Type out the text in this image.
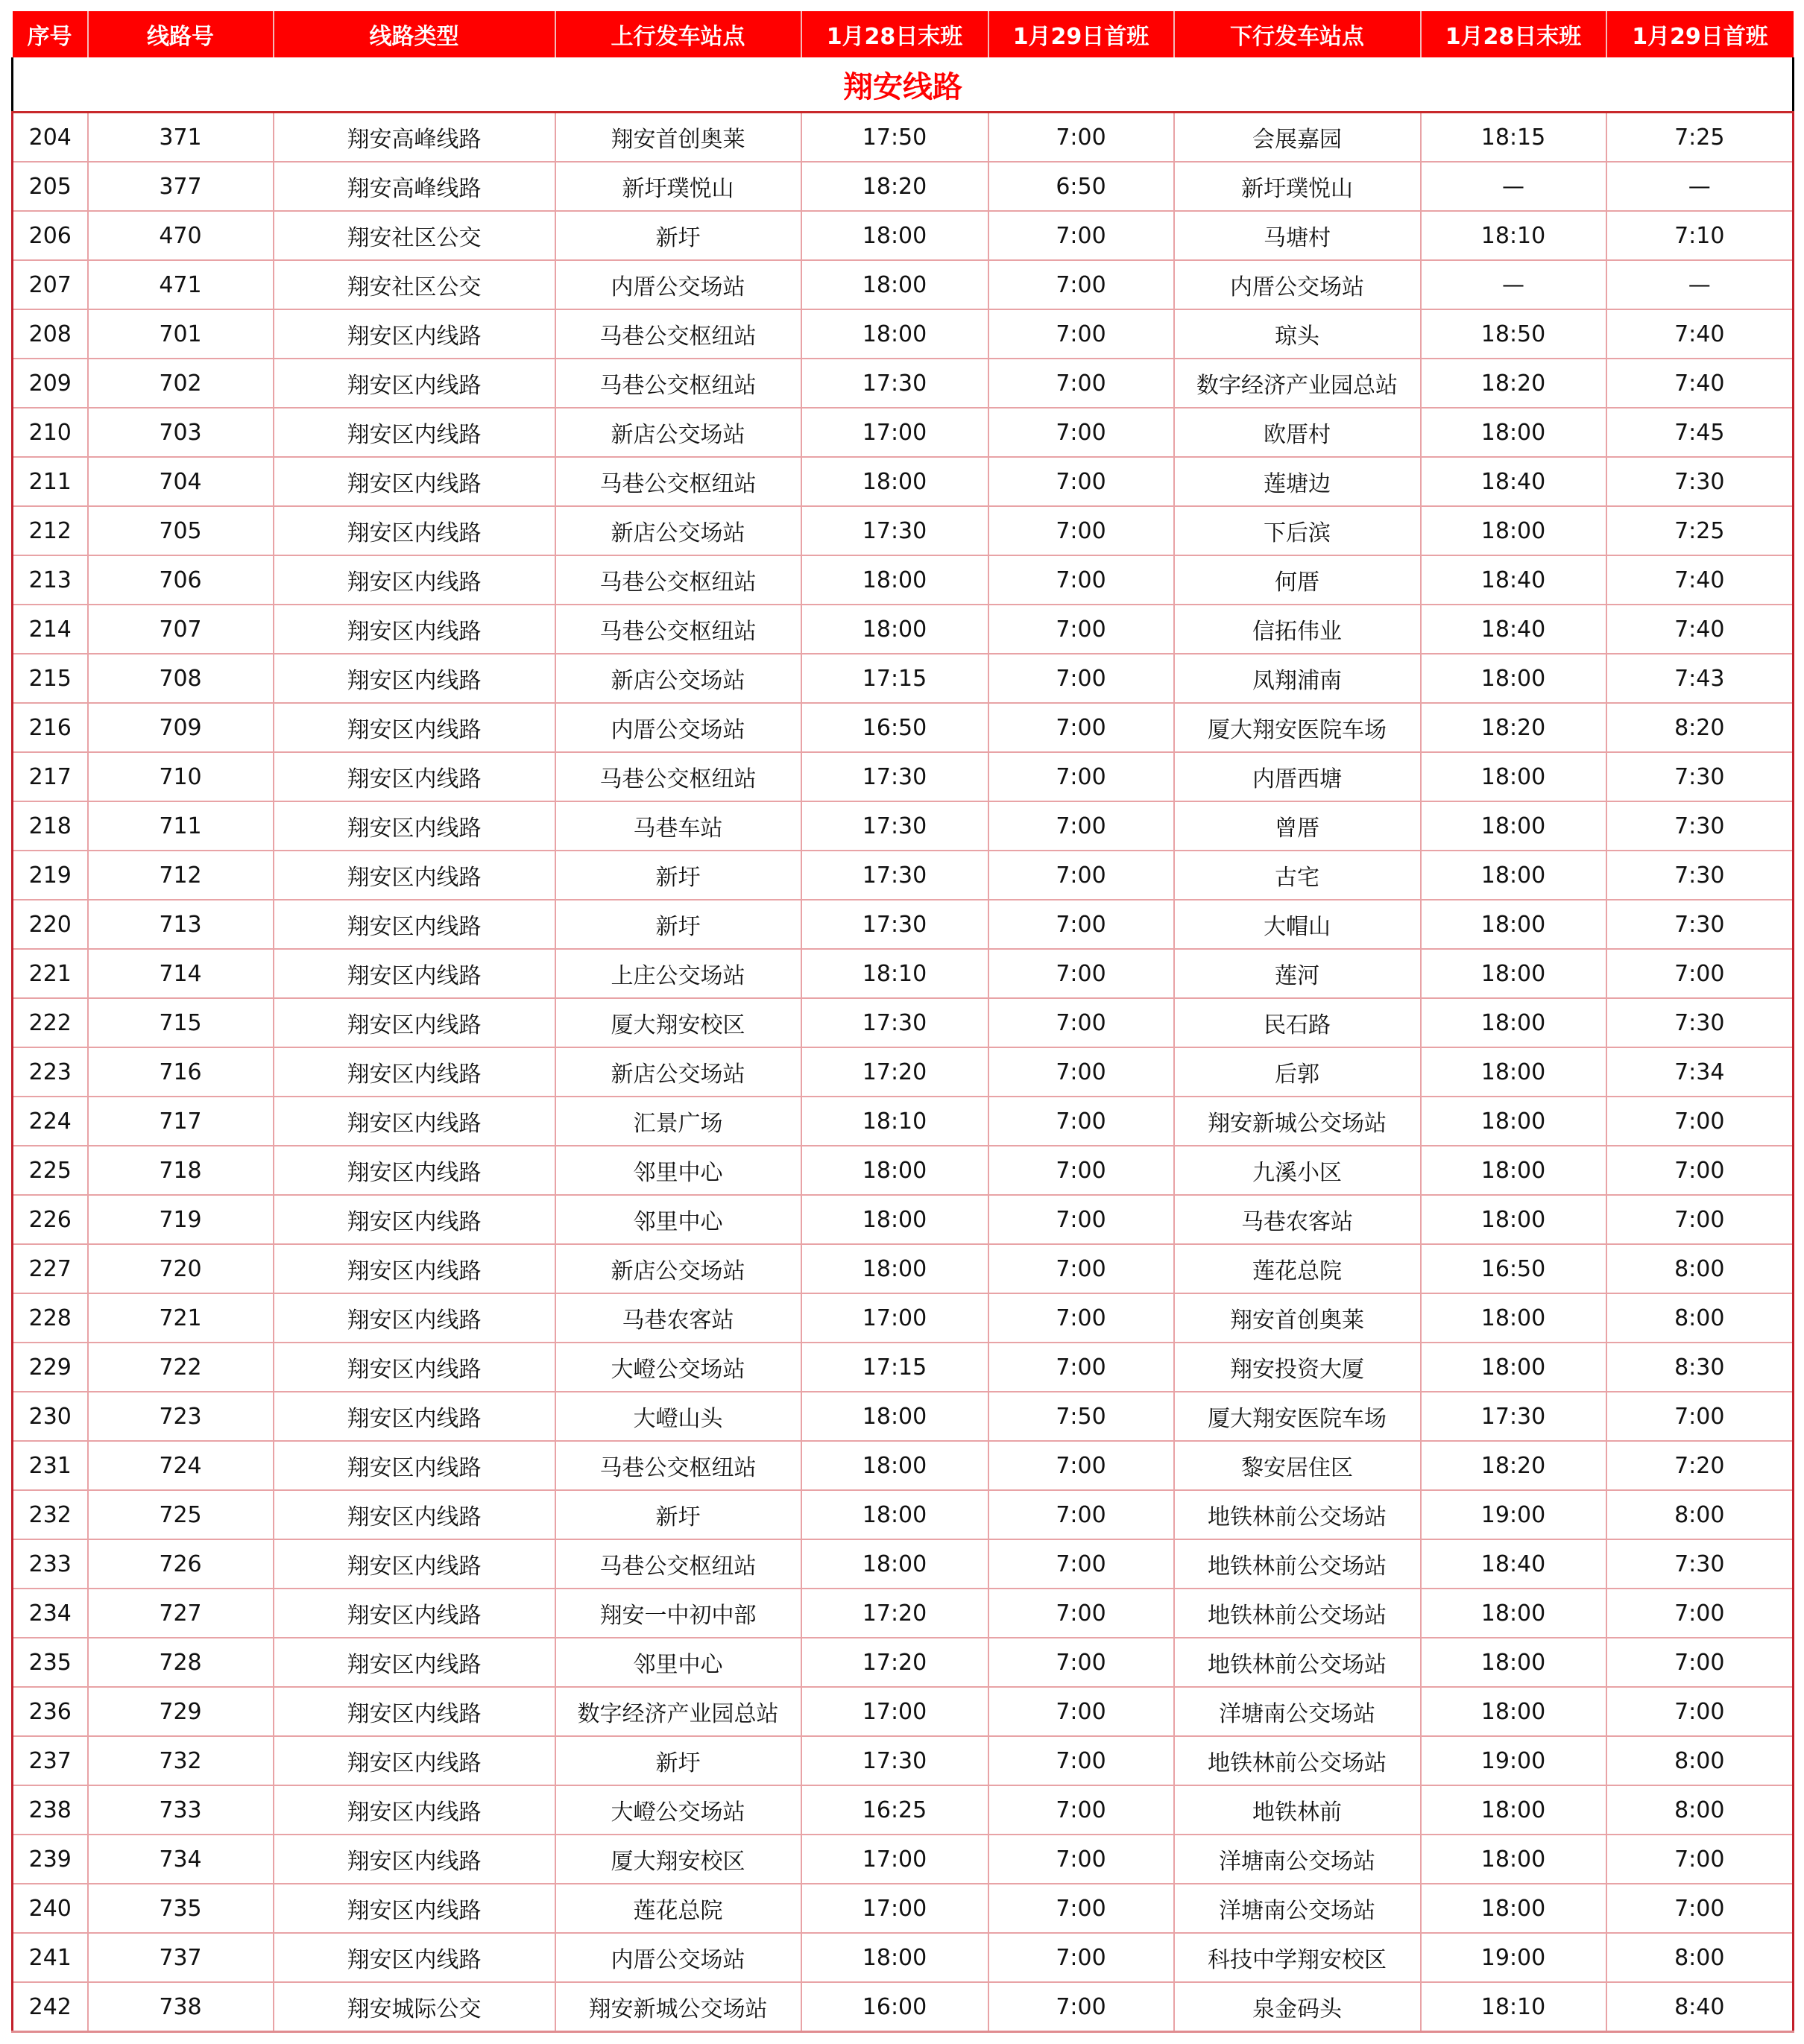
序号	线路号	线路类型	上行发车站点	1月28日末班	1月29日首班	下行发车站点	1月28日末班	1月29日首班
翔安线路								
204	371	翔安高峰线路	翔安首创奥莱	17:50	7:00	会展嘉园	18:15	7:25
205	377	翔安高峰线路	新圩璞悦山	18:20	6:50	新圩璞悦山	—	—
206	470	翔安社区公交	新圩	18:00	7:00	马塘村	18:10	7:10
207	471	翔安社区公交	内厝公交场站	18:00	7:00	内厝公交场站	—	—
208	701	翔安区内线路	马巷公交枢纽站	18:00	7:00	琼头	18:50	7:40
209	702	翔安区内线路	马巷公交枢纽站	17:30	7:00	数字经济产业园总站	18:20	7:40
210	703	翔安区内线路	新店公交场站	17:00	7:00	欧厝村	18:00	7:45
211	704	翔安区内线路	马巷公交枢纽站	18:00	7:00	莲塘边	18:40	7:30
212	705	翔安区内线路	新店公交场站	17:30	7:00	下后滨	18:00	7:25
213	706	翔安区内线路	马巷公交枢纽站	18:00	7:00	何厝	18:40	7:40
214	707	翔安区内线路	马巷公交枢纽站	18:00	7:00	信拓伟业	18:40	7:40
215	708	翔安区内线路	新店公交场站	17:15	7:00	凤翔浦南	18:00	7:43
216	709	翔安区内线路	内厝公交场站	16:50	7:00	厦大翔安医院车场	18:20	8:20
217	710	翔安区内线路	马巷公交枢纽站	17:30	7:00	内厝西塘	18:00	7:30
218	711	翔安区内线路	马巷车站	17:30	7:00	曾厝	18:00	7:30
219	712	翔安区内线路	新圩	17:30	7:00	古宅	18:00	7:30
220	713	翔安区内线路	新圩	17:30	7:00	大帽山	18:00	7:30
221	714	翔安区内线路	上庄公交场站	18:10	7:00	莲河	18:00	7:00
222	715	翔安区内线路	厦大翔安校区	17:30	7:00	民石路	18:00	7:30
223	716	翔安区内线路	新店公交场站	17:20	7:00	后郭	18:00	7:34
224	717	翔安区内线路	汇景广场	18:10	7:00	翔安新城公交场站	18:00	7:00
225	718	翔安区内线路	邻里中心	18:00	7:00	九溪小区	18:00	7:00
226	719	翔安区内线路	邻里中心	18:00	7:00	马巷农客站	18:00	7:00
227	720	翔安区内线路	新店公交场站	18:00	7:00	莲花总院	16:50	8:00
228	721	翔安区内线路	马巷农客站	17:00	7:00	翔安首创奥莱	18:00	8:00
229	722	翔安区内线路	大嶝公交场站	17:15	7:00	翔安投资大厦	18:00	8:30
230	723	翔安区内线路	大嶝山头	18:00	7:50	厦大翔安医院车场	17:30	7:00
231	724	翔安区内线路	马巷公交枢纽站	18:00	7:00	黎安居住区	18:20	7:20
232	725	翔安区内线路	新圩	18:00	7:00	地铁林前公交场站	19:00	8:00
233	726	翔安区内线路	马巷公交枢纽站	18:00	7:00	地铁林前公交场站	18:40	7:30
234	727	翔安区内线路	翔安一中初中部	17:20	7:00	地铁林前公交场站	18:00	7:00
235	728	翔安区内线路	邻里中心	17:20	7:00	地铁林前公交场站	18:00	7:00
236	729	翔安区内线路	数字经济产业园总站	17:00	7:00	洋塘南公交场站	18:00	7:00
237	732	翔安区内线路	新圩	17:30	7:00	地铁林前公交场站	19:00	8:00
238	733	翔安区内线路	大嶝公交场站	16:25	7:00	地铁林前	18:00	8:00
239	734	翔安区内线路	厦大翔安校区	17:00	7:00	洋塘南公交场站	18:00	7:00
240	735	翔安区内线路	莲花总院	17:00	7:00	洋塘南公交场站	18:00	7:00
241	737	翔安区内线路	内厝公交场站	18:00	7:00	科技中学翔安校区	19:00	8:00
242	738	翔安城际公交	翔安新城公交场站	16:00	7:00	泉金码头	18:10	8:40
